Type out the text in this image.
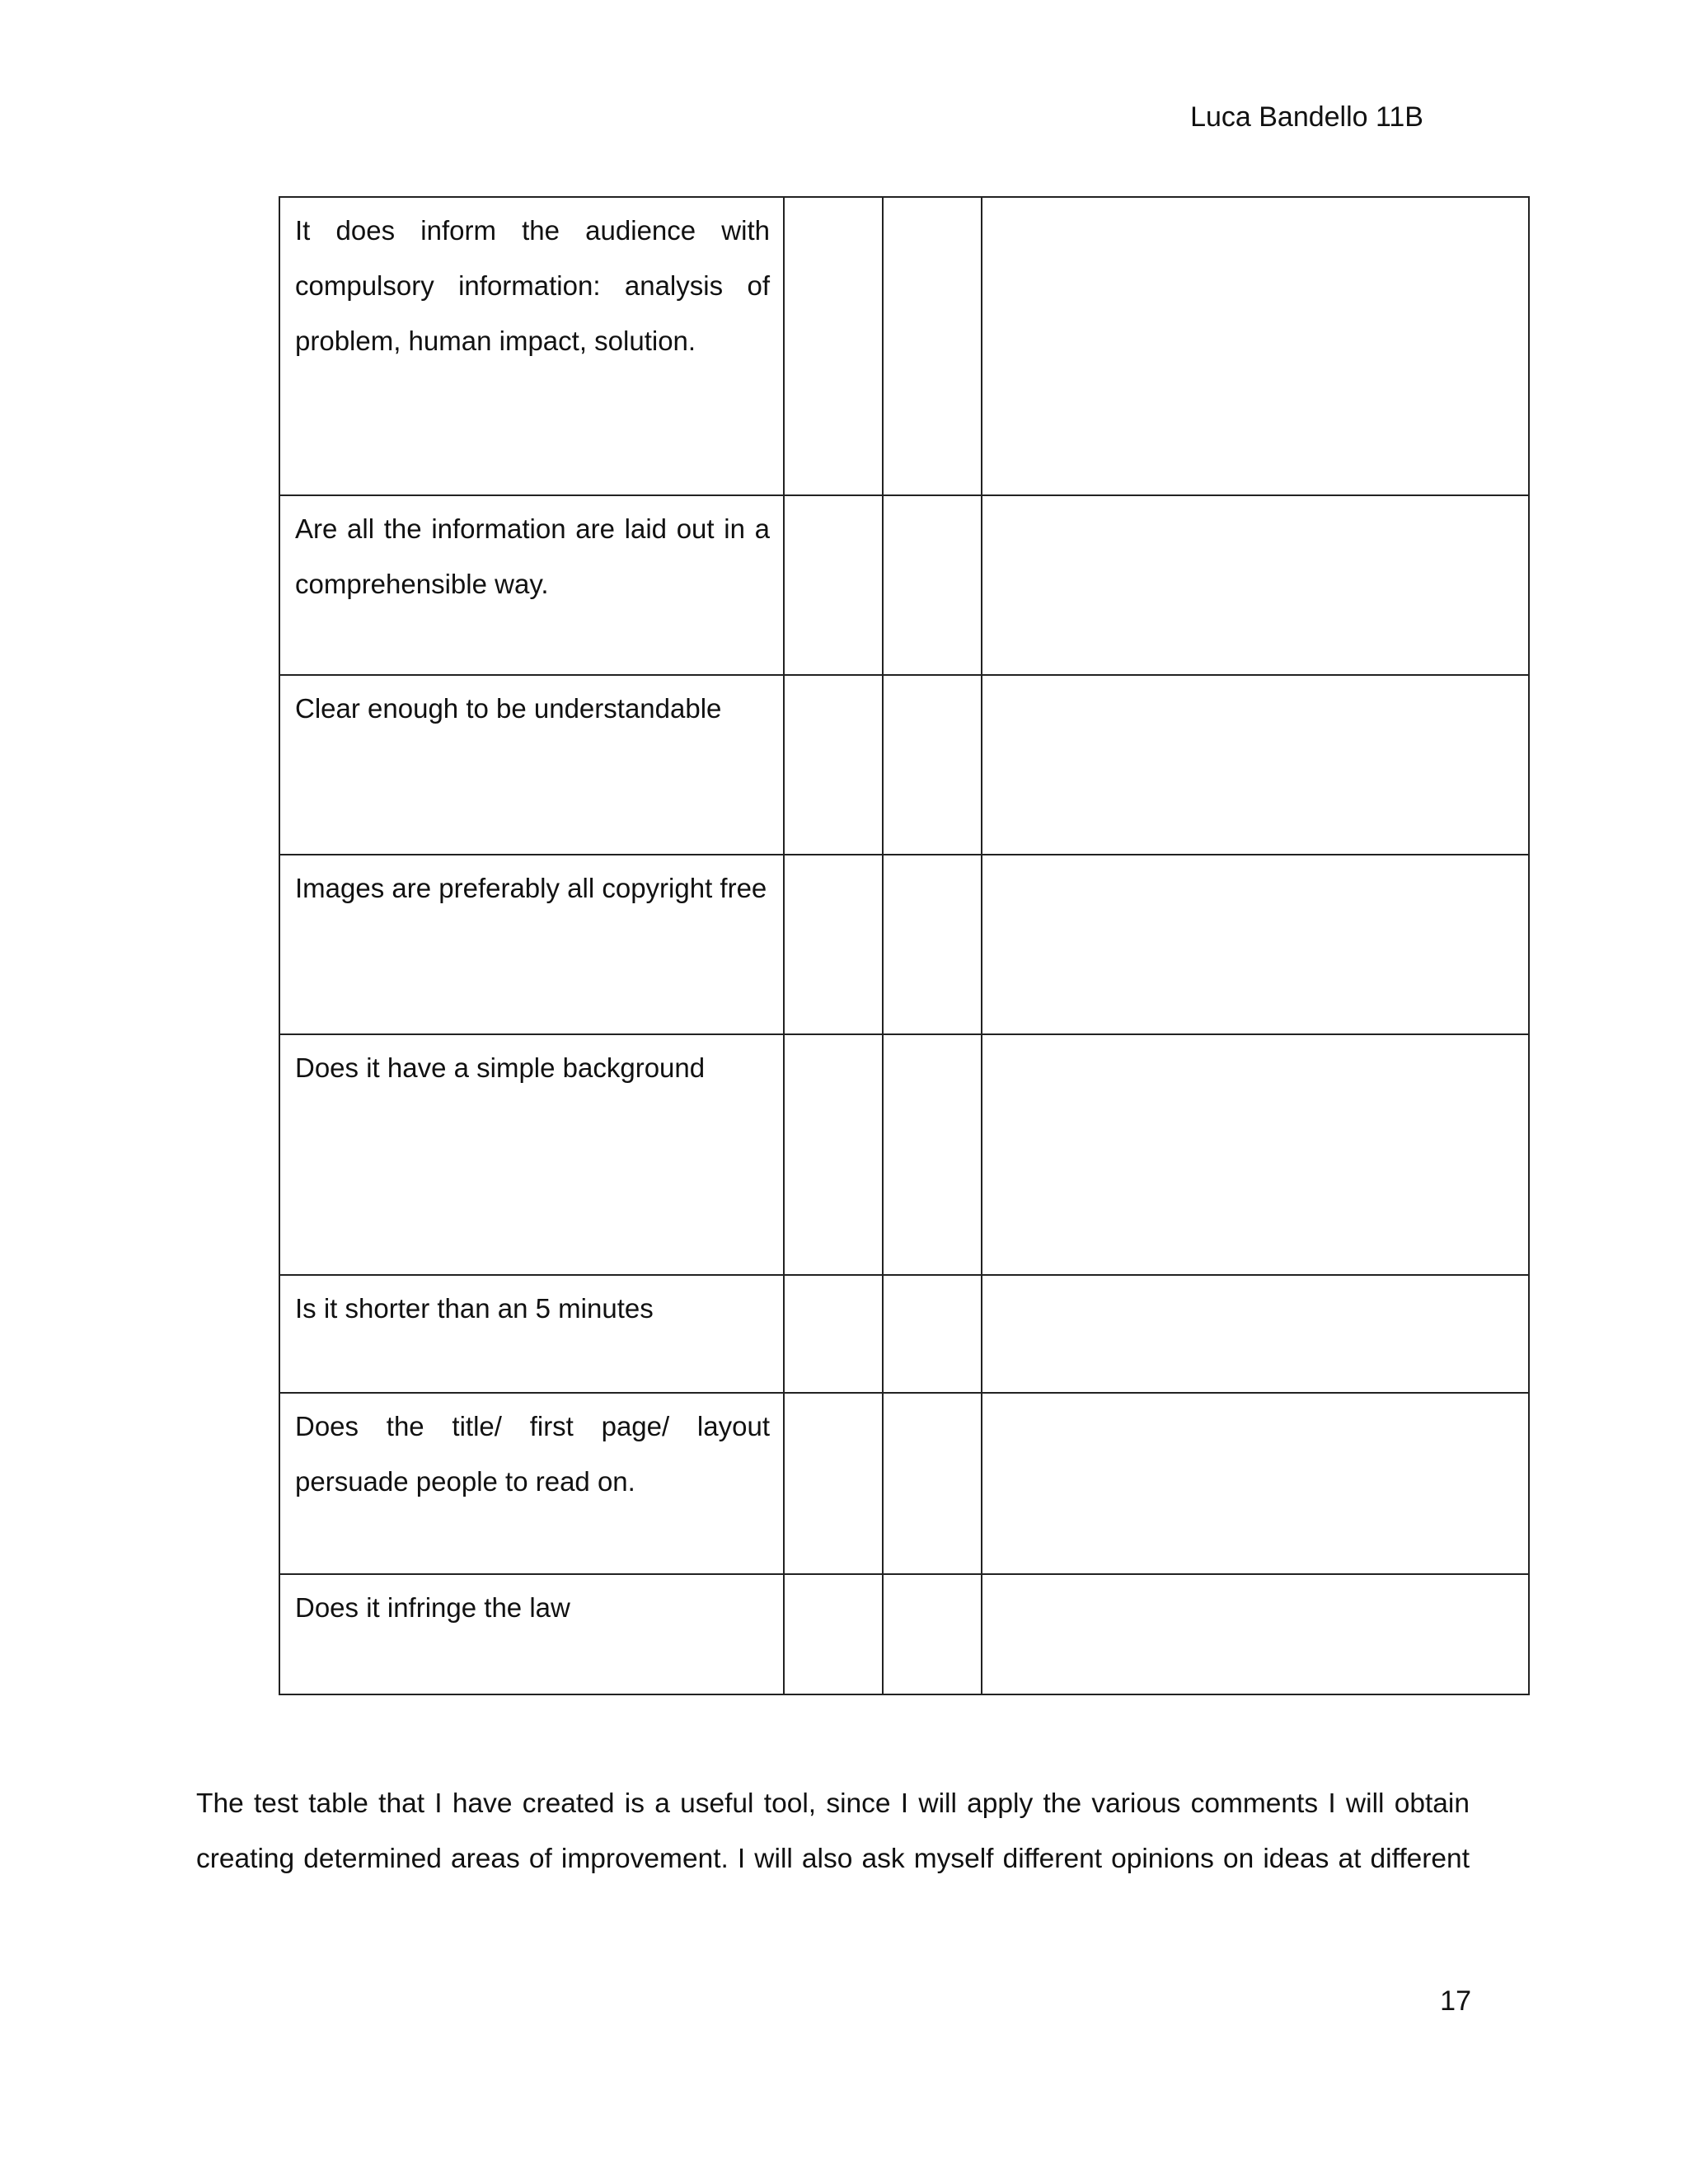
Luca Bandello 11B
It does inform the audience with compulsory information: analysis of problem, human impact, solution.			

Are all the information are laid out in a comprehensible way.			

Clear enough to be understandable			

Images are preferably all copyright free			

Does it have a simple background			

Is it shorter than an 5 minutes			

Does the title/ first page/ layout persuade people to read on.			

Does it infringe the law			

The test table that I have created is a useful tool, since I will apply the various comments I will obtain creating determined areas of improvement. I will also ask myself different opinions on ideas at different

17
